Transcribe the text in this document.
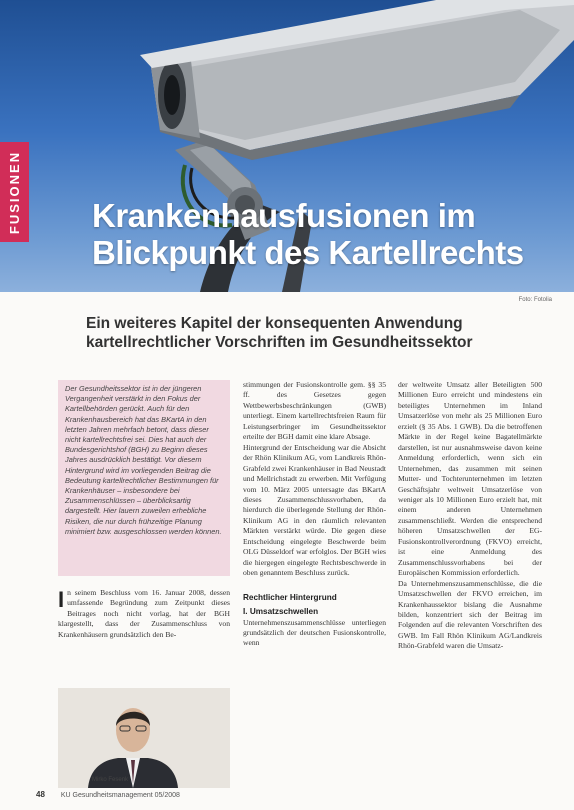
FUSIONEN Krankenhausfusionen im Blickpunkt des Kartellrechts
Foto: Fotolia
Ein weiteres Kapitel der konsequenten Anwendung kartellrechtlicher Vorschriften im Gesundheitssektor

Der Gesundheitssektor ist in der jüngeren Vergangenheit verstärkt in den Fokus der Kartellbehörden gerückt. Auch für den Krankenhausbereich hat das BKartA in den letzten Jahren mehrfach betont, dass dieser nicht kartellrechtsfrei sei. Dies hat auch der Bundesgerichtshof (BGH) zu Beginn dieses Jahres ausdrücklich bestätigt. Vor diesem Hintergrund wird im vorliegenden Beitrag die Bedeutung kartellrechtlicher Bestimmungen für Krankenhäuser – insbesondere bei Zusammenschlüssen – überblicksartig dargestellt. Hier lauern zuweilen erhebliche Risiken, die nur durch frühzeitige Planung minimiert bzw. ausgeschlossen werden können.

In seinem Beschluss vom 16. Januar 2008, dessen umfassende Begründung zum Zeitpunkt dieses Beitrages noch nicht vorlag, hat der BGH klargestellt, dass der Zusammenschluss von Krankenhäusern grundsätzlich den Be-

Mirko Fesenk

stimmungen der Fusionskontrolle gem. §§ 35 ff. des Gesetzes gegen Wettbewerbsbeschränkungen (GWB) unterliegt. Einem kartellrechtsfreien Raum für Leistungserbringer im Gesundheitssektor erteilte der BGH damit eine klare Absage.

Hintergrund der Entscheidung war die Absicht der Rhön Klinikum AG, vom Landkreis Rhön-Grabfeld zwei Krankenhäuser in Bad Neustadt und Mellrichstadt zu erwerben. Mit Verfügung vom 10. März 2005 untersagte das BKartA dieses Zusammenschlussvorhaben, da hierdurch die überlegende Stellung der Rhön-Klinikum AG in den räumlich relevanten Märkten verstärkt würde. Die gegen diese Entscheidung eingelegte Beschwerde beim OLG Düsseldorf war erfolglos. Der BGH wies die hiergegen eingelegte Rechtsbeschwerde in oben genanntem Beschluss zurück.

Rechtlicher Hintergrund

I. Umsatzschwellen

Unternehmenszusammenschlüsse unterliegen grundsätzlich der deutschen Fusionskontrolle, wenn

der weltweite Umsatz aller Beteiligten 500 Millionen Euro erreicht und mindestens ein beteiligtes Unternehmen im Inland Umsatzerlöse von mehr als 25 Millionen Euro erzielt (§ 35 Abs. 1 GWB). Da die betroffenen Märkte in der Regel keine Bagatellmärkte darstellen, ist nur ausnahmsweise davon keine Anmeldung erforderlich, wenn sich ein Unternehmen, das zusammen mit seinen Mutter- und Tochterunternehmen im letzten Geschäftsjahr weltweit Umsatzerlöse von weniger als 10 Millionen Euro erzielt hat, mit einem anderen Unternehmen zusammenschließt. Werden die entsprechend höheren Umsatzschwellen der EG-Fusionskontrollverordnung (FKVO) erreicht, ist eine Anmeldung des Zusammenschlussvorhabens bei der Europäischen Kommission erforderlich.

Da Unternehmenszusammenschlüsse, die die Umsatzschwellen der FKVO erreichen, im Krankenhaussektor bislang die Ausnahme bilden, konzentriert sich der Beitrag im Folgenden auf die relevanten Vorschriften des GWB. Im Fall Rhön Klinikum AG/Landkreis Rhön-Grabfeld waren die Umsatz-

48 KU Gesundheitsmanagement 05/2008
